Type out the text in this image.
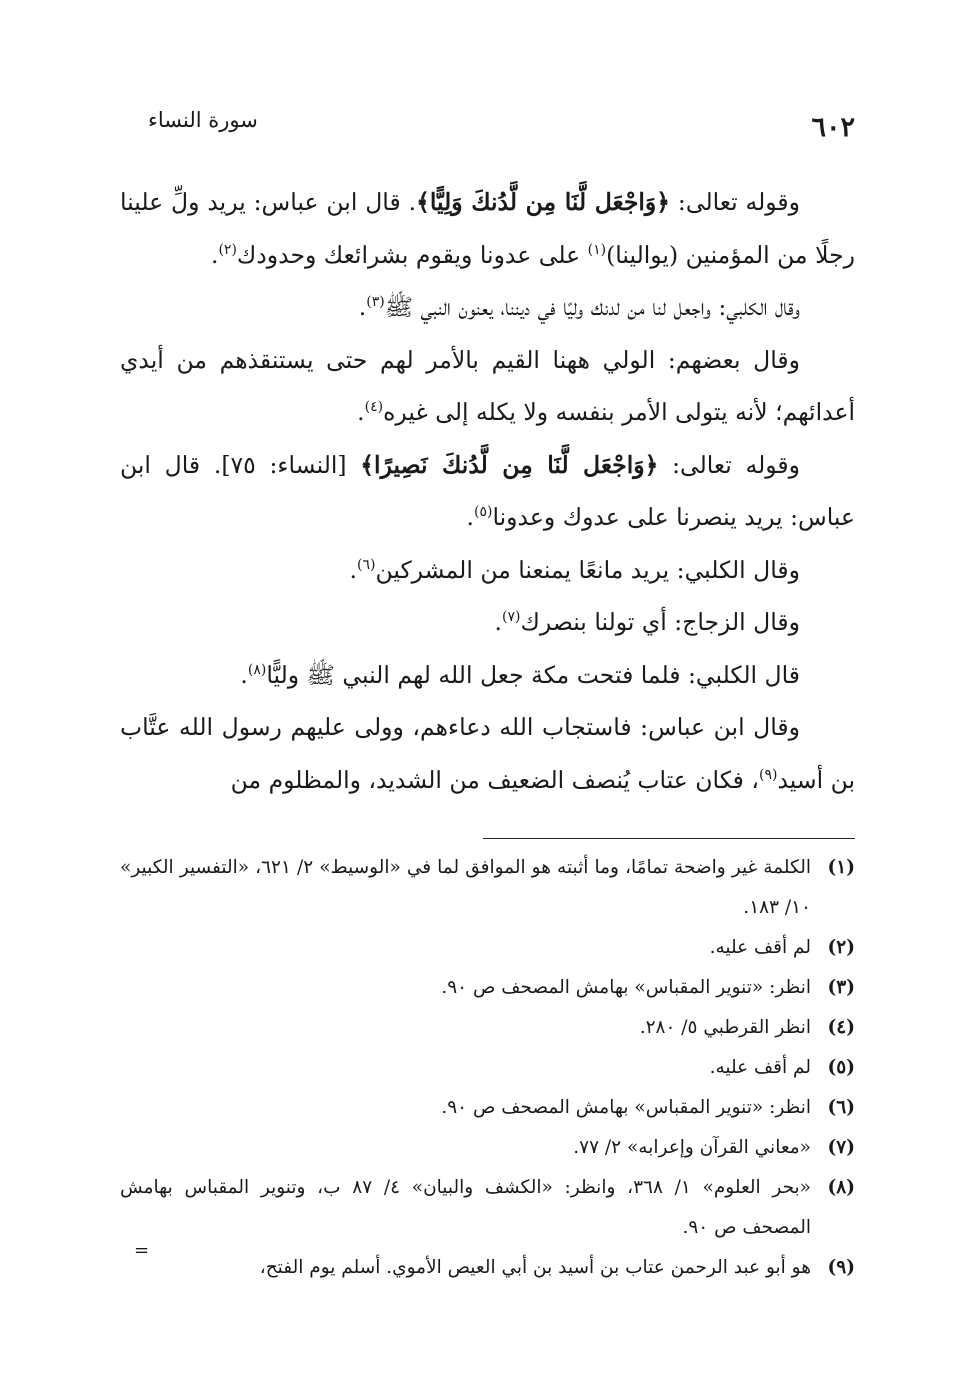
٦٠٢
سورة النساء

وقوله تعالى: ﴿وَاجْعَل لَّنَا مِن لَّدُنكَ وَلِيًّا﴾. قال ابن عباس: يريد ولِّ علينا رجلًا من المؤمنين (يوالينا)$^{(١)}$ على عدونا ويقوم بشرائعك وحدودك$^{(٢)}$.

وقال الكلبي: واجعل لنا من لدنك وليًا في ديننا، يعنون النبي ﷺ$^{(٣)}$.

وقال بعضهم: الولي ههنا القيم بالأمر لهم حتى يستنقذهم من أيدي أعدائهم؛ لأنه يتولى الأمر بنفسه ولا يكله إلى غيره$^{(٤)}$.

وقوله تعالى: ﴿وَاجْعَل لَّنَا مِن لَّدُنكَ نَصِيرًا﴾ [النساء: ٧٥]. قال ابن عباس: يريد ينصرنا على عدوك وعدونا$^{(٥)}$.

وقال الكلبي: يريد مانعًا يمنعنا من المشركين$^{(٦)}$.

وقال الزجاج: أي تولنا بنصرك$^{(٧)}$.

قال الكلبي: فلما فتحت مكة جعل الله لهم النبي ﷺ وليًّا$^{(٨)}$.

وقال ابن عباس: فاستجاب الله دعاءهم، وولى عليهم رسول الله عتَّاب بن أسيد$^{(٩)}$، فكان عتاب يُنصف الضعيف من الشديد، والمظلوم من

(١)
الكلمة غير واضحة تمامًا، وما أثبته هو الموافق لما في «الوسيط» ٢/ ٦٢١، «التفسير الكبير» ١٠/ ١٨٣.
(٢)
لم أقف عليه.
(٣)
انظر: «تنوير المقباس» بهامش المصحف ص ٩٠.
(٤)
انظر القرطبي ٥/ ٢٨٠.
(٥)
لم أقف عليه.
(٦)
انظر: «تنوير المقباس» بهامش المصحف ص ٩٠.
(٧)
«معاني القرآن وإعرابه» ٢/ ٧٧.
(٨)
«بحر العلوم» ١/ ٣٦٨، وانظر: «الكشف والبيان» ٤/ ٨٧ ب، وتنوير المقباس بهامش المصحف ص ٩٠.
(٩)
هو أبو عبد الرحمن عتاب بن أسيد بن أبي العيص الأموي. أسلم يوم الفتح،
=
